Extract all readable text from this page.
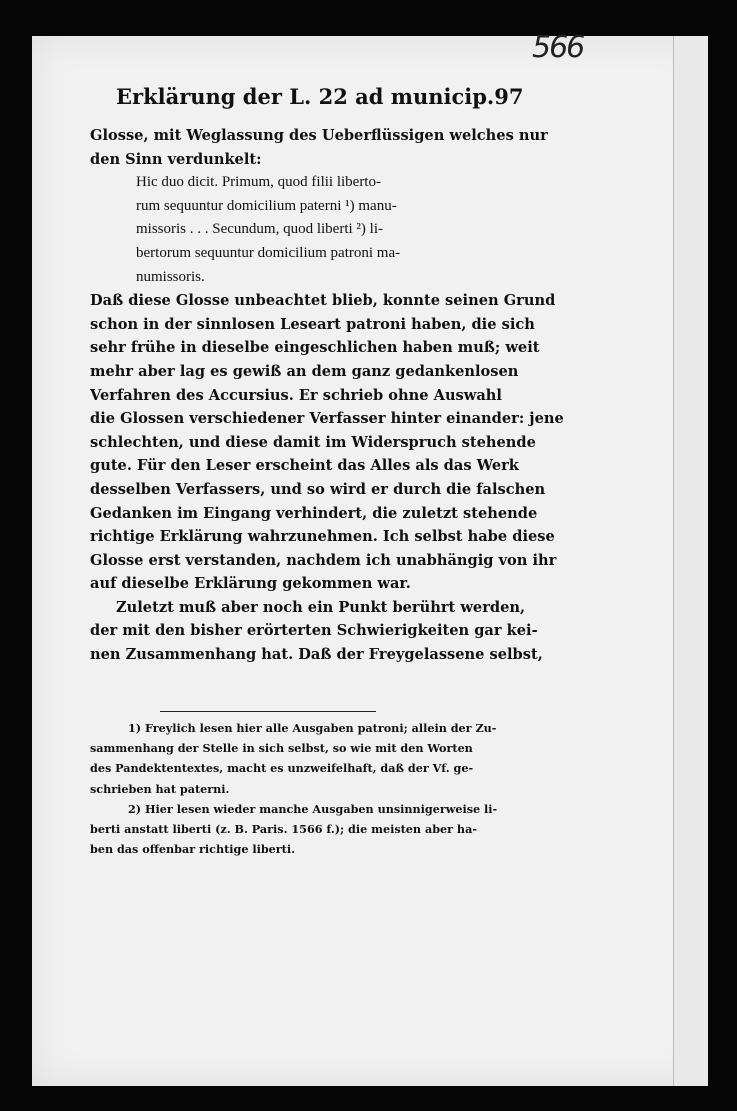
566
Erklärung der L. 22 ad municip. 97
Glosse, mit Weglassung des Ueberflüssigen welches nur
den Sinn verdunkelt:
Hic duo dicit. Primum, quod filii liberto-
rum sequuntur domicilium paterni ¹) manu-
missoris . . . Secundum, quod liberti ²) li-
bertorum sequuntur domicilium patroni ma-
numissoris.
Daß diese Glosse unbeachtet blieb, konnte seinen Grund
schon in der sinnlosen Leseart patroni haben, die sich
sehr frühe in dieselbe eingeschlichen haben muß; weit
mehr aber lag es gewiß an dem ganz gedankenlosen
Verfahren des Accursius. Er schrieb ohne Auswahl
die Glossen verschiedener Verfasser hinter einander: jene
schlechten, und diese damit im Widerspruch stehende
gute. Für den Leser erscheint das Alles als das Werk
desselben Verfassers, und so wird er durch die falschen
Gedanken im Eingang verhindert, die zuletzt stehende
richtige Erklärung wahrzunehmen. Ich selbst habe diese
Glosse erst verstanden, nachdem ich unabhängig von ihr
auf dieselbe Erklärung gekommen war.
Zuletzt muß aber noch ein Punkt berührt werden,
der mit den bisher erörterten Schwierigkeiten gar kei-
nen Zusammenhang hat. Daß der Freygelassene selbst,
1) Freylich lesen hier alle Ausgaben patroni; allein der Zu-
sammenhang der Stelle in sich selbst, so wie mit den Worten
des Pandektentextes, macht es unzweifelhaft, daß der Vf. ge-
schrieben hat paterni.
2) Hier lesen wieder manche Ausgaben unsinnigerweise li-
berti anstatt liberti (z. B. Paris. 1566 f.); die meisten aber ha-
ben das offenbar richtige liberti.
